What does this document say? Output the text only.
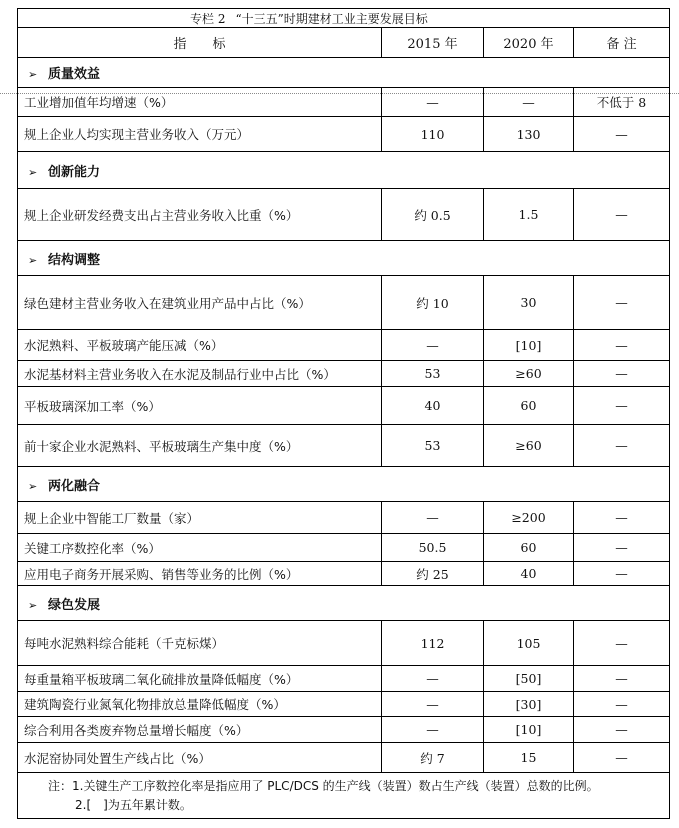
专栏 2 “十三五”时期建材工业主要发展目标			
指　　标	2015 年	2020 年	备 注
➢ 质量效益			
工业增加值年均增速（%）	—	—	不低于 8
规上企业人均实现主营业务收入（万元）	110	130	—
➢ 创新能力			
规上企业研发经费支出占主营业务收入比重（%）	约 0.5	1.5	—
➢ 结构调整			
绿色建材主营业务收入在建筑业用产品中占比（%）	约 10	30	—
水泥熟料、平板玻璃产能压减（%）	—	[10]	—
水泥基材料主营业务收入在水泥及制品行业中占比（%）	53	≥60	—
平板玻璃深加工率（%）	40	60	—
前十家企业水泥熟料、平板玻璃生产集中度（%）	53	≥60	—
➢ 两化融合			
规上企业中智能工厂数量（家）	—	≥200	—
关键工序数控化率（%）	50.5	60	—
应用电子商务开展采购、销售等业务的比例（%）	约 25	40	—
➢ 绿色发展			
每吨水泥熟料综合能耗（千克标煤）	112	105	—
每重量箱平板玻璃二氧化硫排放量降低幅度（%）	—	[50]	—
建筑陶瓷行业氮氧化物排放总量降低幅度（%）	—	[30]	—
综合利用各类废弃物总量增长幅度（%）	—	[10]	—
水泥窑协同处置生产线占比（%）	约 7	15	—

注：1.关键生产工序数控化率是指应用了 PLC/DCS 的生产线（装置）数占生产线（装置）总数的比例。
2.[　]为五年累计数。			
